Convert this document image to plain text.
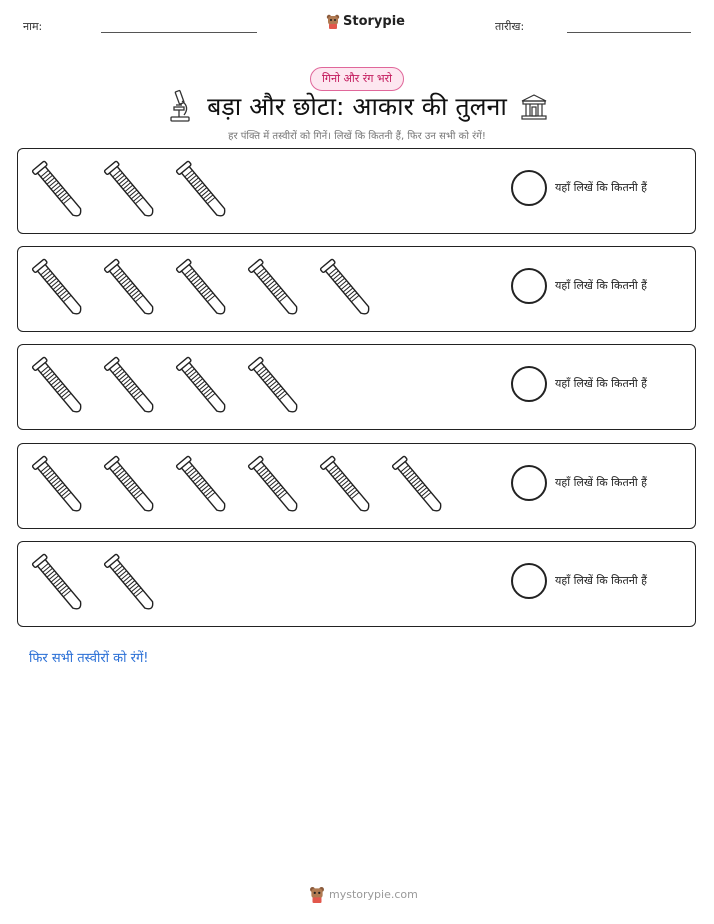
नाम:	Storypie	तारीख:
गिनो और रंग भरो
बड़ा और छोटा: आकार की तुलना
हर पंक्ति में तस्वीरों को गिनें। लिखें कि कितनी हैं, फिर उन सभी को रंगें!
यहाँ लिखें कि कितनी हैं
यहाँ लिखें कि कितनी हैं
यहाँ लिखें कि कितनी हैं
यहाँ लिखें कि कितनी हैं
यहाँ लिखें कि कितनी हैं
फिर सभी तस्वीरों को रंगें!
mystorypie.com
